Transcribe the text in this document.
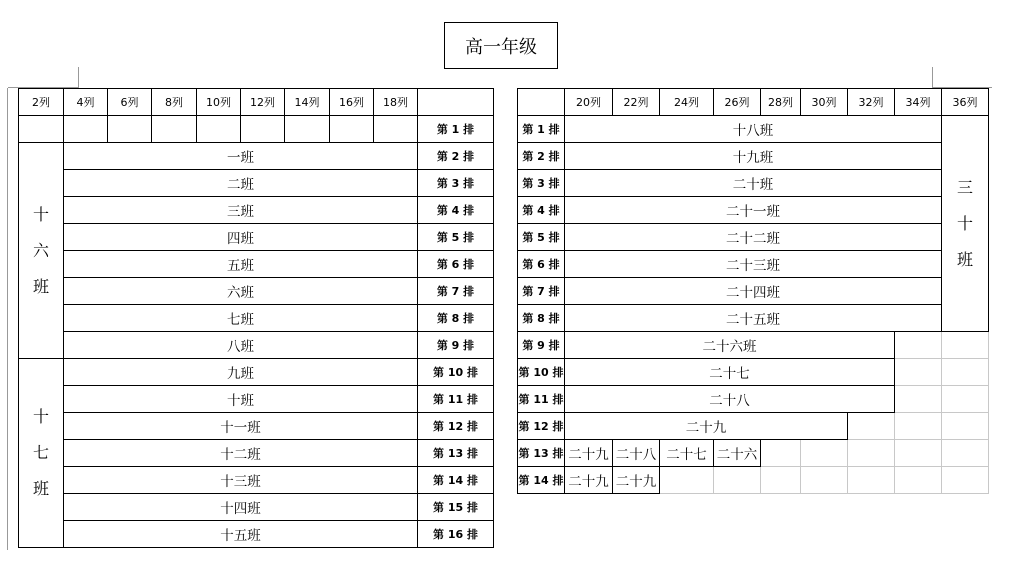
高一年级
2列	4列	6列	8列	10列	12列	14列	16列	18列	
									第 1 排

十
六
班	一班								第 2 排
	二班								第 3 排
	三班								第 4 排
	四班								第 5 排
	五班								第 6 排
	六班								第 7 排
	七班								第 8 排
	八班								第 9 排

十
七
班	九班								第 10 排
	十班								第 11 排
	十一班								第 12 排
	十二班								第 13 排
	十三班								第 14 排
	十四班								第 15 排
	十五班								第 16 排
	20列	22列	24列	26列	28列	30列	32列	34列	36列
第 1 排	十八班								三
十
班

第 2 排	十九班								
第 3 排	二十班								
第 4 排	二十一班								
第 5 排	二十二班								
第 6 排	二十三班								
第 7 排	二十四班								
第 8 排	二十五班								
第 9 排	二十六班								
第 10 排	二十七								
第 11 排	二十八								
第 12 排	二十九								
第 13 排	二十九	二十八	二十七	二十六					
第 14 排	二十九	二十九							
